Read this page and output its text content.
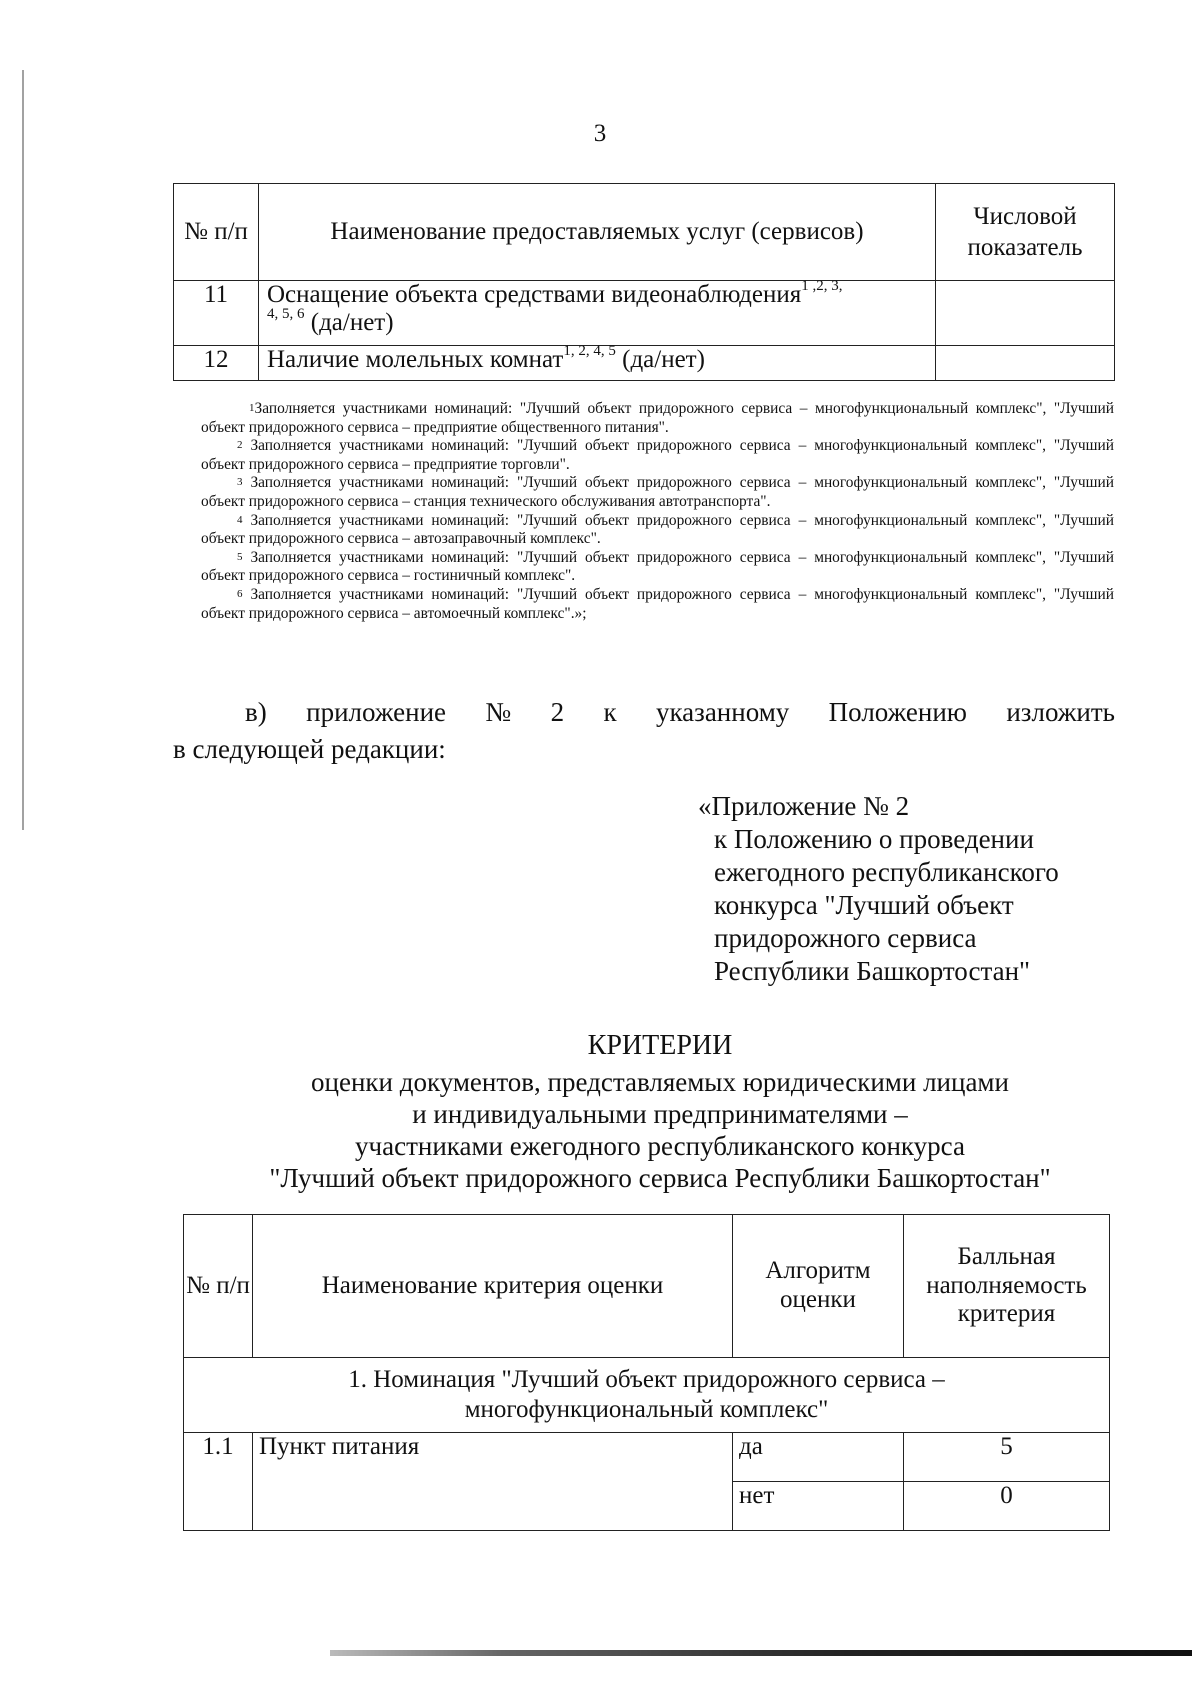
3
№ п/п	Наименование предоставляемых услуг (сервисов)	Числовой показатель
11	Оснащение объекта средствами видеонаблюдения$^{1 ,2, 3,}$
$^{4, 5, 6}$ (да/нет)	
12	Наличие молельных комнат$^{1, 2, 4, 5}$ (да/нет)	

$^1$Заполняется участниками номинаций: "Лучший объект придорожного сервиса – многофункциональный комплекс", "Лучший объект придорожного сервиса – предприятие общественного питания".

$^2$ Заполняется участниками номинаций: "Лучший объект придорожного сервиса – многофункциональный комплекс", "Лучший объект придорожного сервиса – предприятие торговли".

$^3$ Заполняется участниками номинаций: "Лучший объект придорожного сервиса – многофункциональный комплекс", "Лучший объект придорожного сервиса – станция технического обслуживания автотранспорта".

$^4$ Заполняется участниками номинаций: "Лучший объект придорожного сервиса – многофункциональный комплекс", "Лучший объект придорожного сервиса – автозаправочный комплекс".

$^5$ Заполняется участниками номинаций: "Лучший объект придорожного сервиса – многофункциональный комплекс", "Лучший объект придорожного сервиса – гостиничный комплекс".

$^6$ Заполняется участниками номинаций: "Лучший объект придорожного сервиса – многофункциональный комплекс", "Лучший объект придорожного сервиса – автомоечный комплекс".»;

в) приложение № 2 к указанному Положению изложить
в следующей редакции:
«Приложение № 2
к Положению о проведении
ежегодного республиканского
конкурса "Лучший объект
придорожного сервиса
Республики Башкортостан"
КРИТЕРИИ
оценки документов, представляемых юридическими лицами
и индивидуальными предпринимателями –
участниками ежегодного республиканского конкурса
"Лучший объект придорожного сервиса Республики Башкортостан"
№ п/п	Наименование критерия оценки	Алгоритм оценки	Балльная наполняемость критерия
1. Номинация "Лучший объект придорожного сервиса –
многофункциональный комплекс"			
1.1	Пункт питания	да	5
		нет	0
